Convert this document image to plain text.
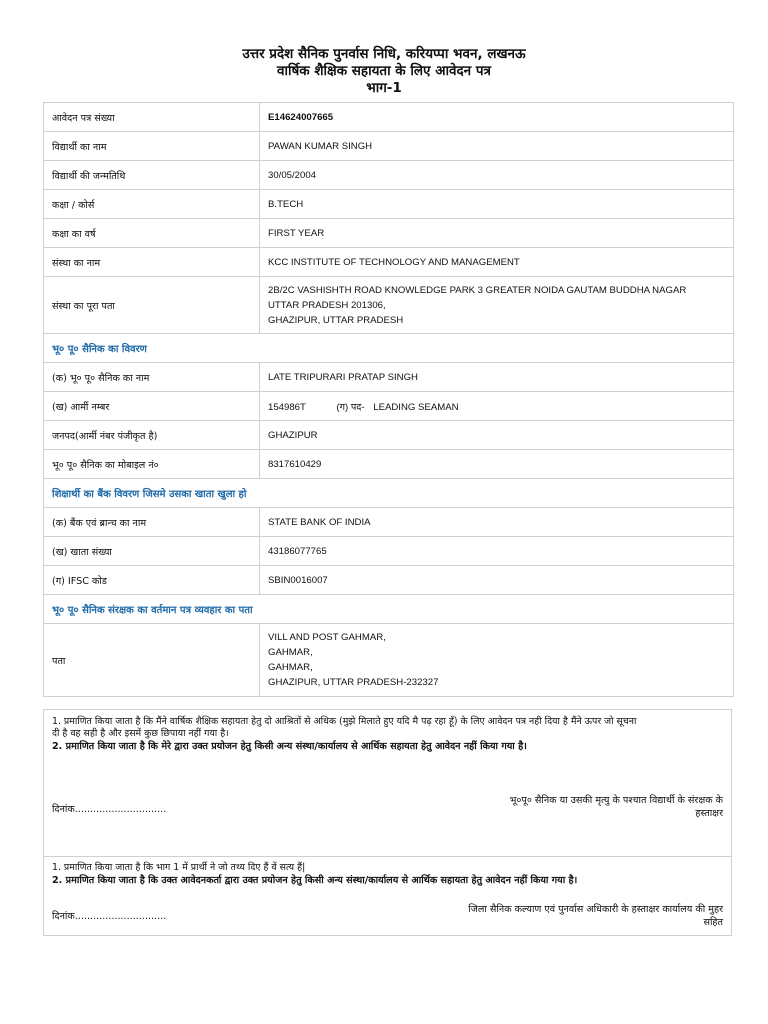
उत्तर प्रदेश सैनिक पुनर्वास निधि, करियप्पा भवन, लखनऊ
वार्षिक शैक्षिक सहायता के लिए आवेदन पत्र
भाग-1
आवेदन पत्र संख्या	E14624007665
विद्यार्थी का नाम	PAWAN KUMAR SINGH
विद्यार्थी की जन्मतिथि	30/05/2004
कक्षा / कोर्स	B.TECH
कक्षा का वर्ष	FIRST YEAR
संस्था का नाम	KCC INSTITUTE OF TECHNOLOGY AND MANAGEMENT
संस्था का पूरा पता	2B/2C VASHISHTH ROAD KNOWLEDGE PARK 3 GREATER NOIDA GAUTAM BUDDHA NAGAR
UTTAR PRADESH 201306,
GHAZIPUR, UTTAR PRADESH

भू० पू० सैनिक का विवरण	
(क) भू० पू० सैनिक का नाम	LATE TRIPURARI PRATAP SINGH
(ख) आर्मी नम्बर	154986T (ग) पद- LEADING SEAMAN
जनपद(आर्मी नंबर पंजीकृत है)	GHAZIPUR
भू० पू० सैनिक का मोबाइल नं०	8317610429
शिक्षार्थी का बैंक विवरण जिसमे उसका खाता खुला हो	
(क) बैंक एवं ब्रान्च का नाम	STATE BANK OF INDIA
(ख) खाता संख्या	43186077765
(ग) IFSC कोड	SBIN0016007
भू० पू० सैनिक संरक्षक का वर्तमान पत्र व्यवहार का पता	
पता	VILL AND POST GAHMAR,
GAHMAR,
GAHMAR,
GHAZIPUR, UTTAR PRADESH-232327
1. प्रमाणित किया जाता है कि मैंने वार्षिक शैक्षिक सहायता हेतु दो आश्रितों से अधिक (मुझे मिलाते हुए यदि मै पढ़ रहा हूँ) के लिए आवेदन पत्र नही दिया है मैंने ऊपर जो सूचना
दी है वह सही है और इसमें कुछ छिपाया नहीं गया है।
2. प्रमाणित किया जाता है कि मेरे द्वारा उक्त प्रयोजन हेतु किसी अन्य संस्था/कार्यालय से आर्थिक सहायता हेतु आवेदन नहीं किया गया है।
दिनांक..............................
भू०पू० सैनिक या उसकी मृत्यु के पश्चात विद्यार्थी के संरक्षक के
हस्ताक्षर
1. प्रमाणित किया जाता है कि भाग 1 में प्रार्थी ने जो तथ्य दिए हैं वें सत्य हैं|
2. प्रमाणित किया जाता है कि उक्त आवेदनकर्ता द्वारा उक्त प्रयोजन हेतु किसी अन्य संस्था/कार्यालय से आर्थिक सहायता हेतु आवेदन नहीं किया गया है।
दिनांक..............................
जिला सैनिक कल्याण एवं पुनर्वास अधिकारी के हस्ताक्षर कार्यालय की मुहर
सहित
